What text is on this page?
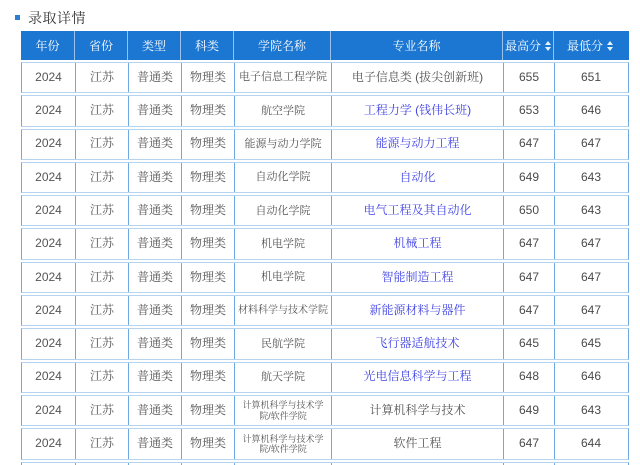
录取详情
年份 省份 类型 科类	学院名称	专业名称	最高分 最低分
2024	江苏	普通类	物理类	电子信息工程学院	电子信息类 (拔尖创新班)	655	651
2024	江苏	普通类	物理类	航空学院	工程力学 (钱伟长班)	653	646
2024	江苏	普通类	物理类	能源与动力学院	能源与动力工程	647	647
2024	江苏	普通类	物理类	自动化学院	自动化	649	643
2024	江苏	普通类	物理类	自动化学院	电气工程及其自动化	650	643
2024	江苏	普通类	物理类	机电学院	机械工程	647	647
2024	江苏	普通类	物理类	机电学院	智能制造工程	647	647
2024	江苏	普通类	物理类	材料科学与技术学院	新能源材料与器件	647	647
2024	江苏	普通类	物理类	民航学院	飞行器适航技术	645	645
2024	江苏	普通类	物理类	航天学院	光电信息科学与工程	648	646
2024	江苏	普通类	物理类	计算机科学与技术学院/软件学院	计算机科学与技术	649	643
2024	江苏	普通类	物理类	计算机科学与技术学院/软件学院	软件工程	647	644
